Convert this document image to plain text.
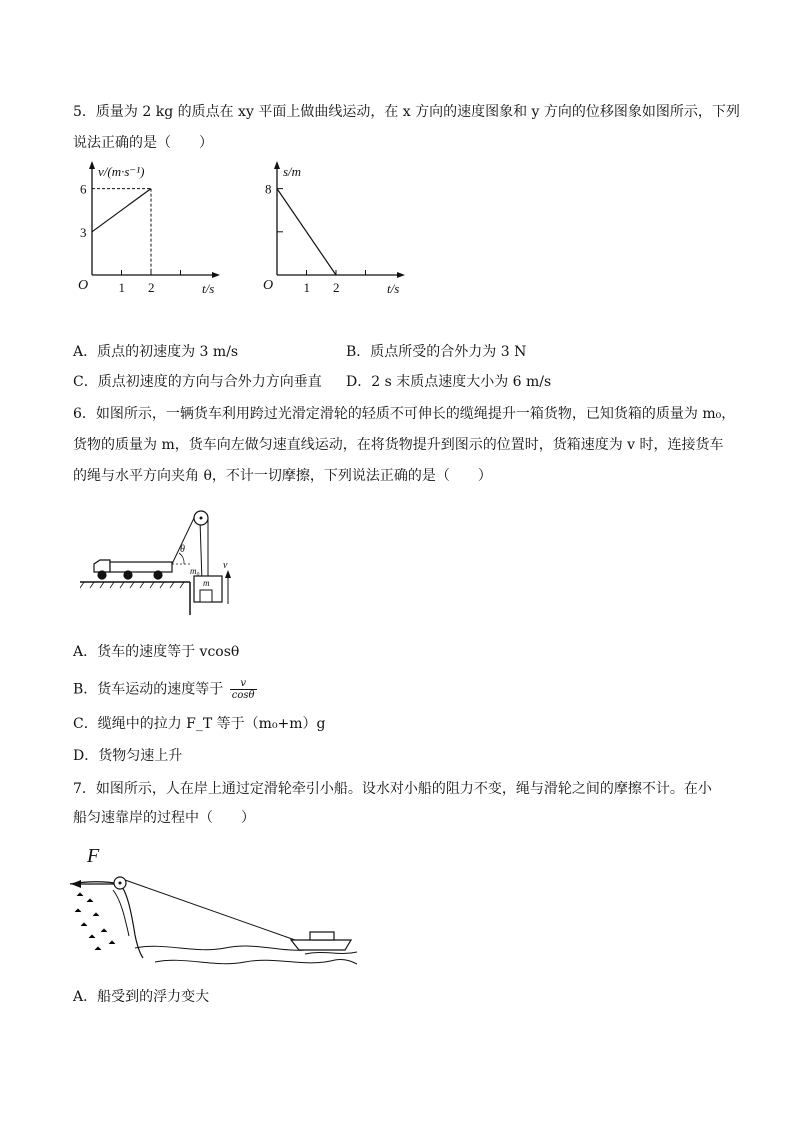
5．质量为 2 kg 的质点在 xy 平面上做曲线运动，在 x 方向的速度图象和 y 方向的位移图象如图所示，下列
说法正确的是（　　）
1 2
3
6
O
v/(m·s⁻¹)
t/s	1 2
8
O
s/m
t/s
A．质点的初速度为 3 m/s	B．质点所受的合外力为 3 N
C．质点初速度的方向与合外力方向垂直 D．2 s 末质点速度大小为 6 m/s
6．如图所示，一辆货车利用跨过光滑定滑轮的轻质不可伸长的缆绳提升一箱货物，已知货箱的质量为 m₀，
货物的质量为 m，货车向左做匀速直线运动，在将货物提升到图示的位置时，货箱速度为 v 时，连接货车
的绳与水平方向夹角 θ，不计一切摩擦，下列说法正确的是（　　）
θ
m₀
m
v
A．货车的速度等于 vcosθ
B．货车运动的速度等于 $\frac{v}{\cos\theta}$
C．缆绳中的拉力 F_T 等于（m₀+m）g
D．货物匀速上升
7．如图所示，人在岸上通过定滑轮牵引小船。设水对小船的阻力不变，绳与滑轮之间的摩擦不计。在小
船匀速靠岸的过程中（　　）
F
A．船受到的浮力变大
